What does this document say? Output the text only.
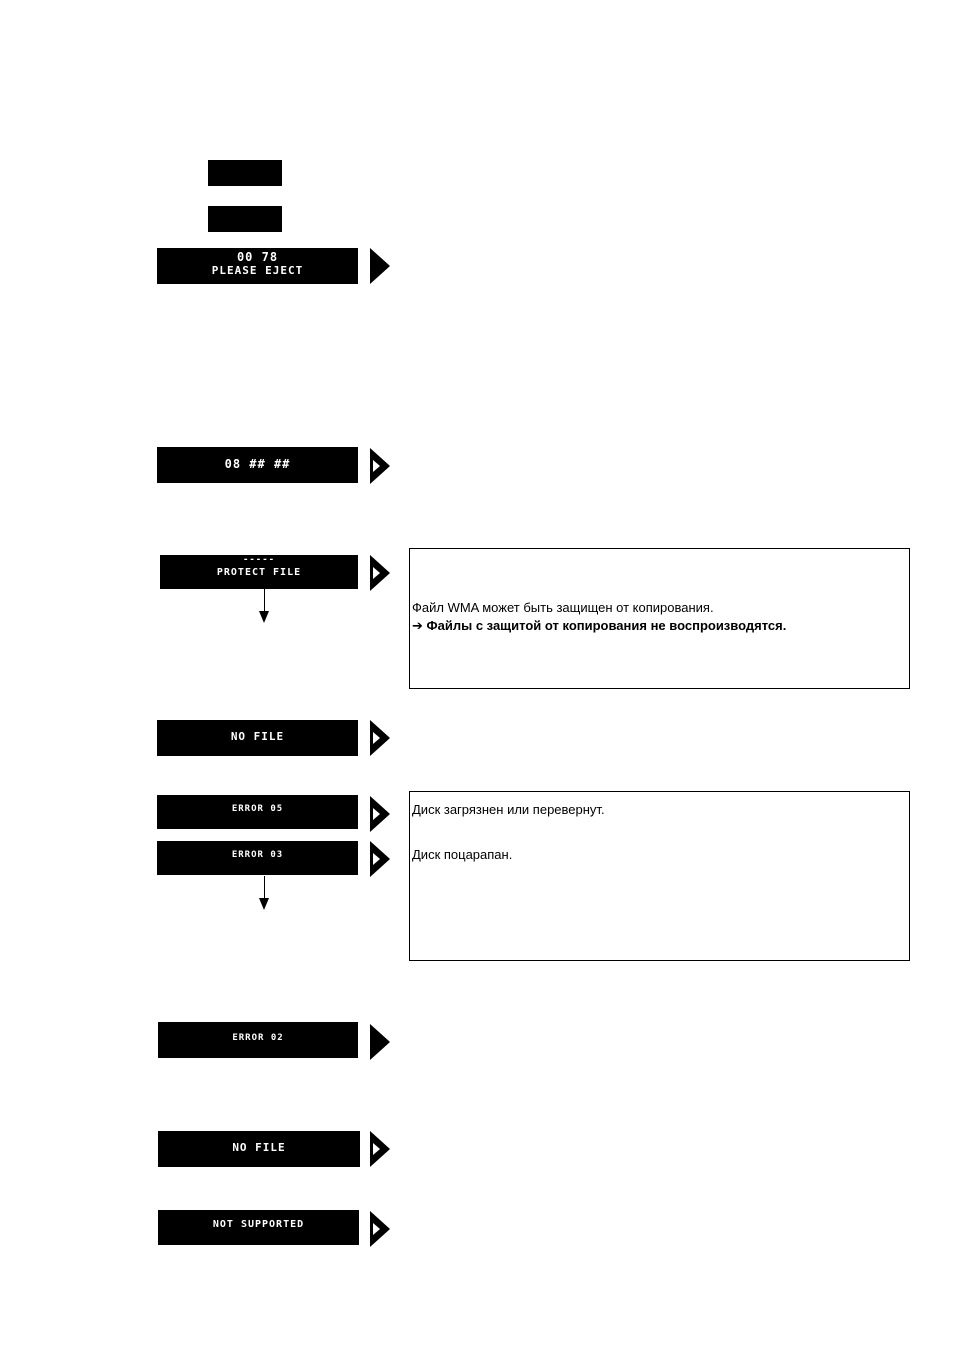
00 78
PLEASE EJECT
08 ## ##
-----
PROTECT FILE

Файл WMA может быть защищен от копирования.

➔ Файлы с защитой от копирования не воспроизводятся.

NO FILE
ERROR 05
ERROR 03

Диск загрязнен или перевернут.

Диск поцарапан.

ERROR 02
NO FILE
NOT SUPPORTED
